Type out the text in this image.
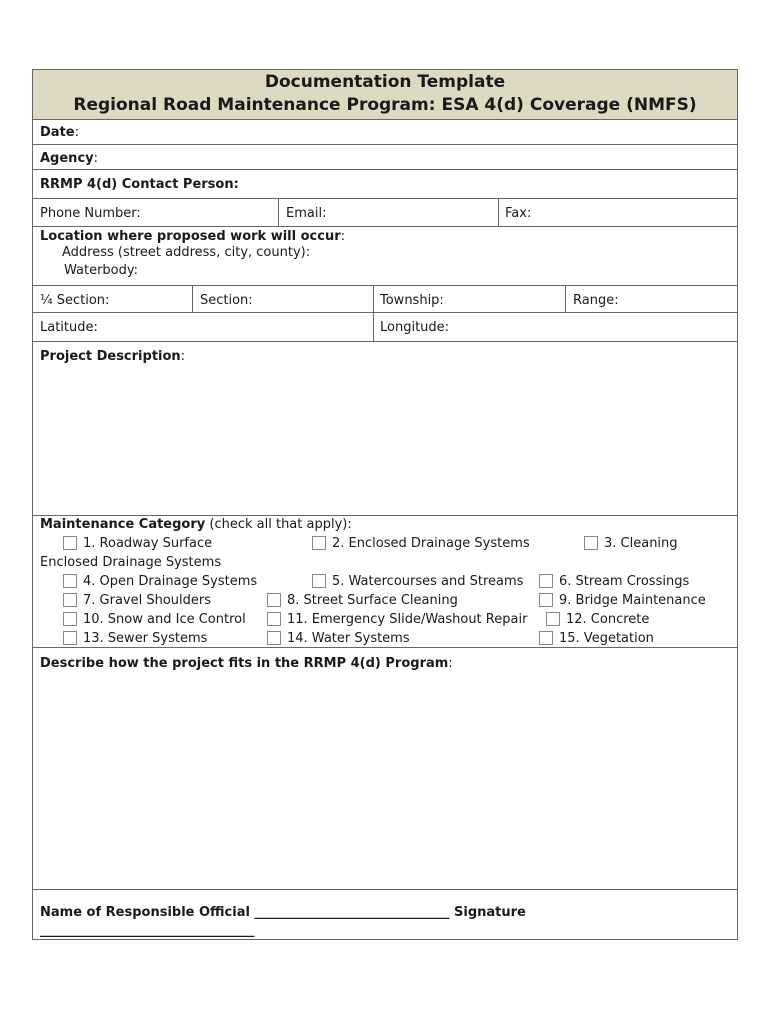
Documentation Template
Regional Road Maintenance Program: ESA 4(d) Coverage (NMFS)
Date:
Agency:
RRMP 4(d) Contact Person:
Phone Number:	Email:	Fax:
Location where proposed work will occur:
Address (street address, city, county):
Waterbody:
¼ Section:	Section:	Township:	Range:
Latitude:	Longitude:
Project Description:
Maintenance Category (check all that apply):
1. Roadway Surface	2. Enclosed Drainage Systems	3. Cleaning
Enclosed Drainage Systems
4. Open Drainage Systems	5. Watercourses and Streams	6. Stream Crossings
7. Gravel Shoulders	8. Street Surface Cleaning	9. Bridge Maintenance
10. Snow and Ice Control	11. Emergency Slide/Washout Repair	12. Concrete
13. Sewer Systems	14. Water Systems	15. Vegetation
Describe how the project fits in the RRMP 4(d) Program:
Name of Responsible Official ______________________________ Signature
_________________________________
